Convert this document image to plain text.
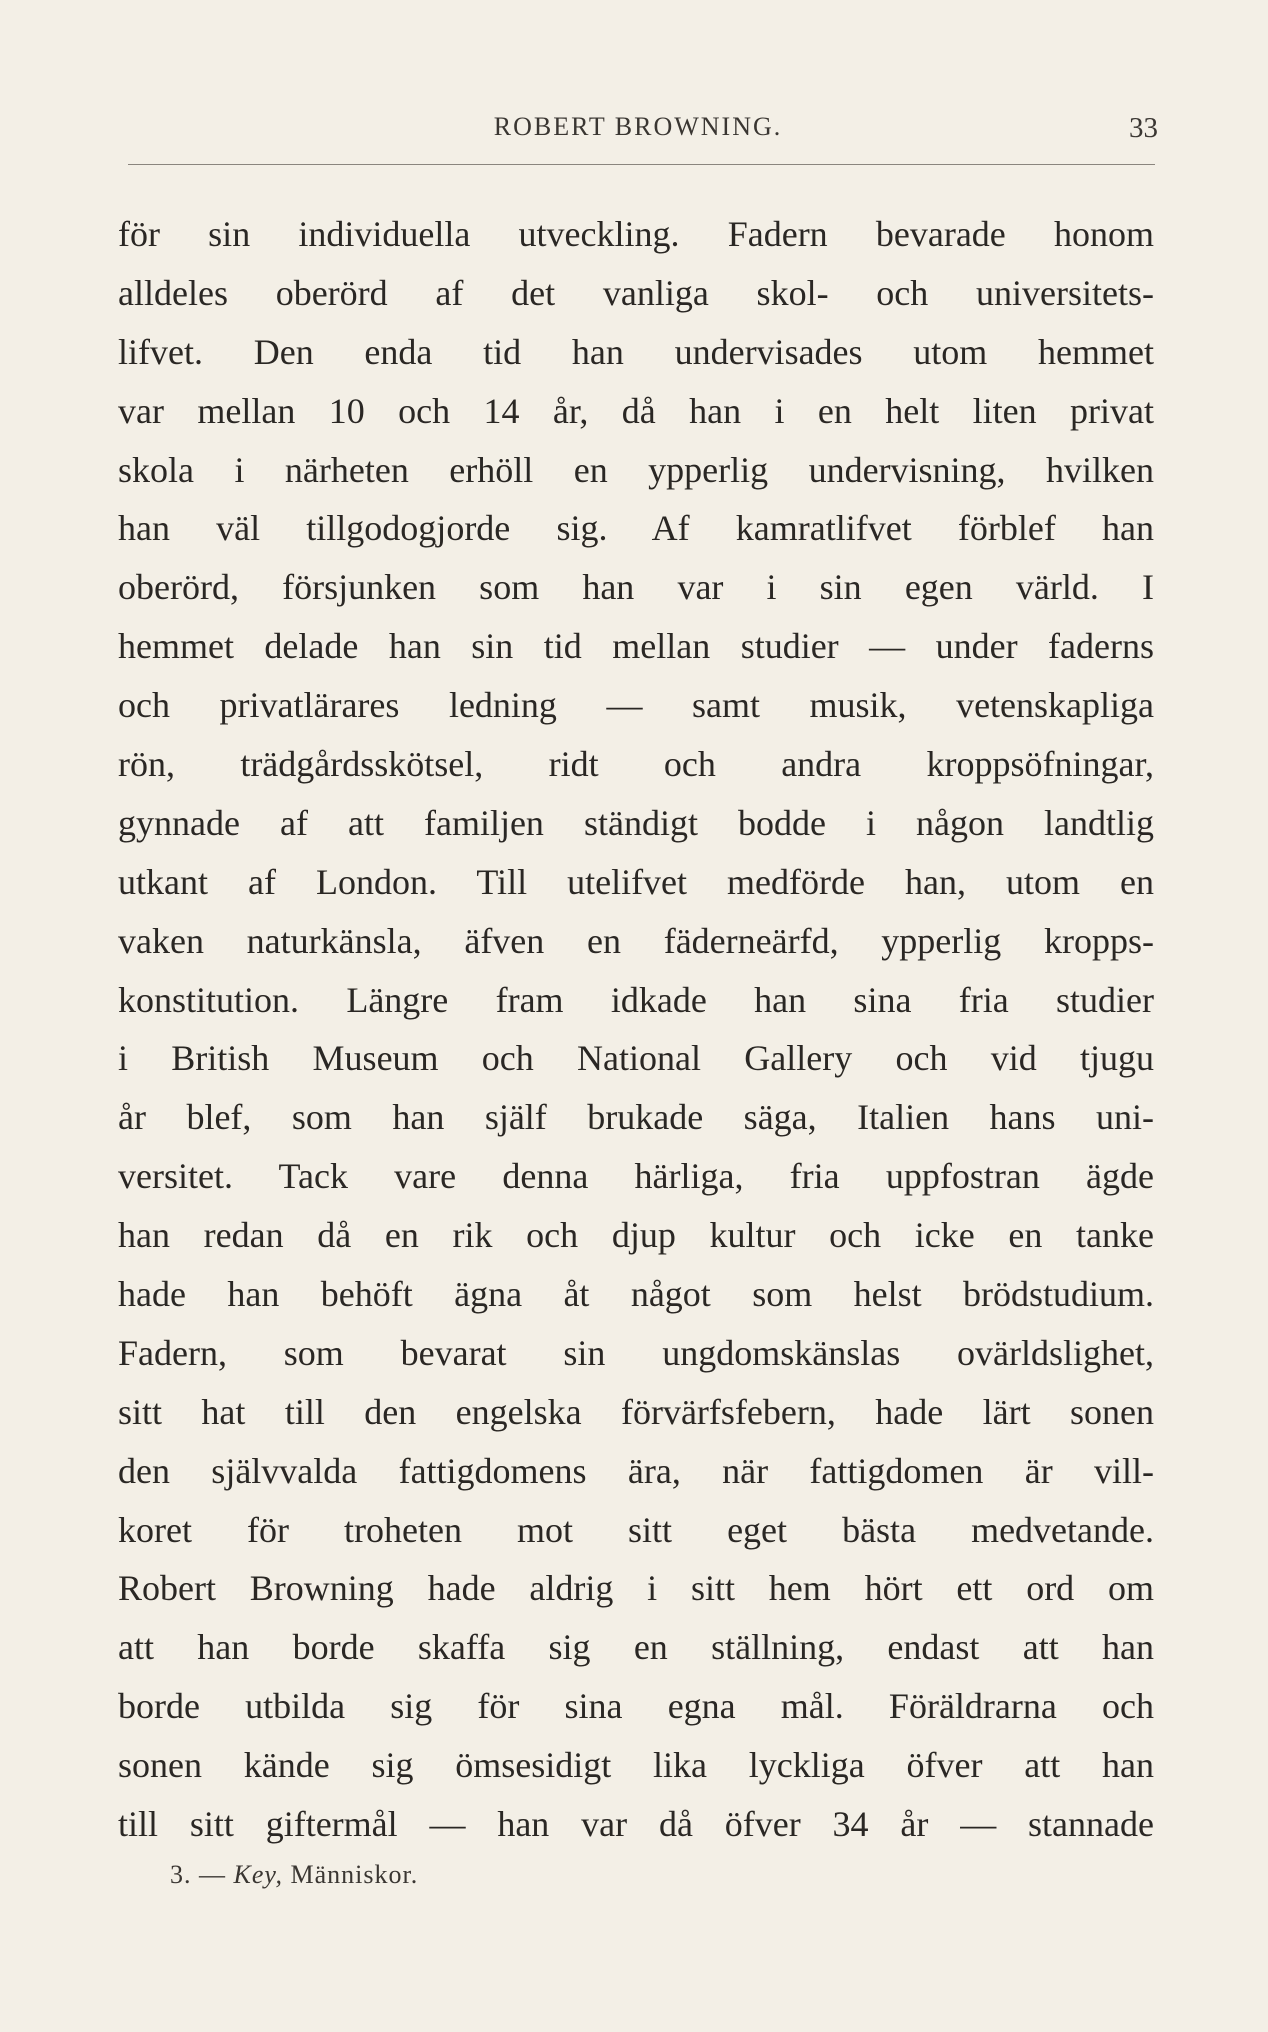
ROBERT BROWNING.	33
för sin individuella utveckling. Fadern bevarade honom
alldeles oberörd af det vanliga skol- och universitets-
lifvet. Den enda tid han undervisades utom hemmet
var mellan 10 och 14 år, då han i en helt liten privat
skola i närheten erhöll en ypperlig undervisning, hvilken
han väl tillgodogjorde sig. Af kamratlifvet förblef han
oberörd, försjunken som han var i sin egen värld. I
hemmet delade han sin tid mellan studier — under faderns
och privatlärares ledning — samt musik, vetenskapliga
rön, trädgårdsskötsel, ridt och andra kroppsöfningar,
gynnade af att familjen ständigt bodde i någon landtlig
utkant af London. Till utelifvet medförde han, utom en
vaken naturkänsla, äfven en fäderneärfd, ypperlig kropps-
konstitution. Längre fram idkade han sina fria studier
i British Museum och National Gallery och vid tjugu
år blef, som han själf brukade säga, Italien hans uni-
versitet. Tack vare denna härliga, fria uppfostran ägde
han redan då en rik och djup kultur och icke en tanke
hade han behöft ägna åt något som helst brödstudium.
Fadern, som bevarat sin ungdomskänslas ovärldslighet,
sitt hat till den engelska förvärfsfebern, hade lärt sonen
den självvalda fattigdomens ära, när fattigdomen är vill-
koret för troheten mot sitt eget bästa medvetande.
Robert Browning hade aldrig i sitt hem hört ett ord om
att han borde skaffa sig en ställning, endast att han
borde utbilda sig för sina egna mål. Föräldrarna och
sonen kände sig ömsesidigt lika lyckliga öfver att han
till sitt giftermål — han var då öfver 34 år — stannade
3. — Key, Människor.
